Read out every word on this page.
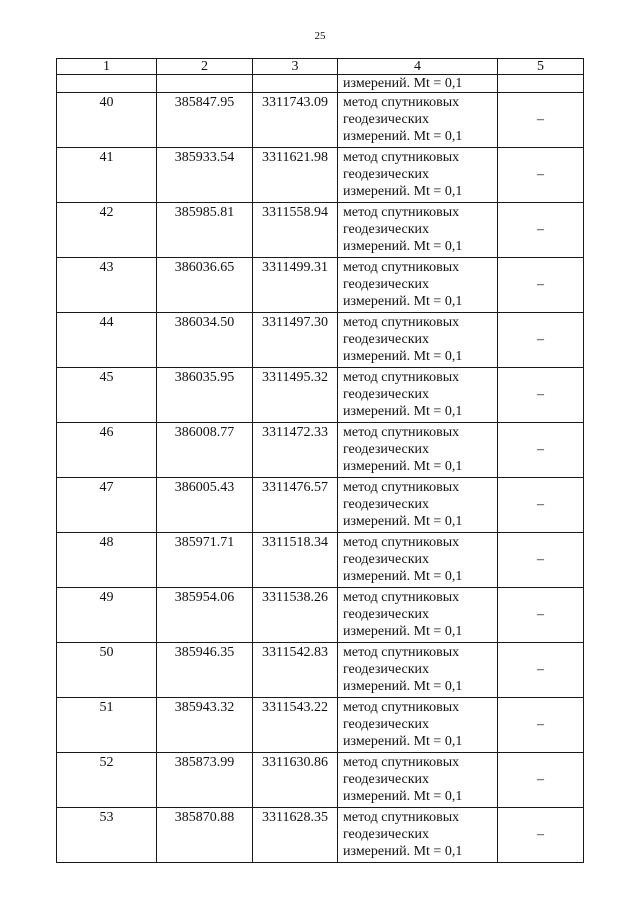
25
1	2	3	4	5
			измерений. Mt = 0,1	
40	385847.95	3311743.09	метод спутниковых
геодезических
измерений. Mt = 0,1	–
41	385933.54	3311621.98	метод спутниковых
геодезических
измерений. Mt = 0,1	–
42	385985.81	3311558.94	метод спутниковых
геодезических
измерений. Mt = 0,1	–
43	386036.65	3311499.31	метод спутниковых
геодезических
измерений. Mt = 0,1	–
44	386034.50	3311497.30	метод спутниковых
геодезических
измерений. Mt = 0,1	–
45	386035.95	3311495.32	метод спутниковых
геодезических
измерений. Mt = 0,1	–
46	386008.77	3311472.33	метод спутниковых
геодезических
измерений. Mt = 0,1	–
47	386005.43	3311476.57	метод спутниковых
геодезических
измерений. Mt = 0,1	–
48	385971.71	3311518.34	метод спутниковых
геодезических
измерений. Mt = 0,1	–
49	385954.06	3311538.26	метод спутниковых
геодезических
измерений. Mt = 0,1	–
50	385946.35	3311542.83	метод спутниковых
геодезических
измерений. Mt = 0,1	–
51	385943.32	3311543.22	метод спутниковых
геодезических
измерений. Mt = 0,1	–
52	385873.99	3311630.86	метод спутниковых
геодезических
измерений. Mt = 0,1	–
53	385870.88	3311628.35	метод спутниковых
геодезических
измерений. Mt = 0,1	–
